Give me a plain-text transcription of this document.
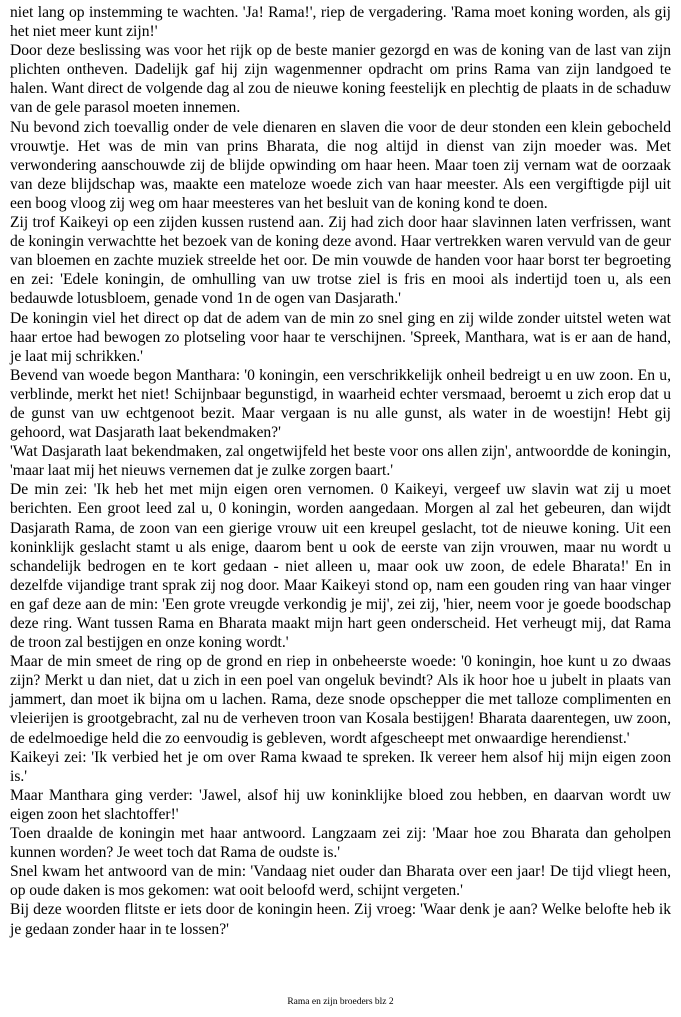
niet lang op instemming te wachten. 'Ja! Rama!', riep de vergadering. 'Rama moet koning worden, als gij het niet meer kunt zijn!'

Door deze beslissing was voor het rijk op de beste manier gezorgd en was de koning van de last van zijn plichten ontheven. Dadelijk gaf hij zijn wagenmenner opdracht om prins Rama van zijn landgoed te halen. Want direct de volgende dag al zou de nieuwe koning feestelijk en plechtig de plaats in de schaduw van de gele parasol moeten innemen.

Nu bevond zich toevallig onder de vele dienaren en slaven die voor de deur stonden een klein gebocheld vrouwtje. Het was de min van prins Bharata, die nog altijd in dienst van zijn moeder was. Met verwondering aanschouwde zij de blijde opwinding om haar heen. Maar toen zij vernam wat de oorzaak van deze blijdschap was, maakte een mateloze woede zich van haar meester. Als een vergiftigde pijl uit een boog vloog zij weg om haar meesteres van het besluit van de koning kond te doen.

Zij trof Kaikeyi op een zijden kussen rustend aan. Zij had zich door haar slavinnen laten verfrissen, want de koningin verwachtte het bezoek van de koning deze avond. Haar vertrekken waren vervuld van de geur van bloemen en zachte muziek streelde het oor. De min vouwde de handen voor haar borst ter begroeting en zei: 'Edele koningin, de omhulling van uw trotse ziel is fris en mooi als indertijd toen u, als een bedauwde lotusbloem, genade vond 1n de ogen van Dasjarath.'

De koningin viel het direct op dat de adem van de min zo snel ging en zij wilde zonder uitstel weten wat haar ertoe had bewogen zo plotseling voor haar te verschijnen. 'Spreek, Manthara, wat is er aan de hand, je laat mij schrikken.'

Bevend van woede begon Manthara: '0 koningin, een verschrikkelijk onheil bedreigt u en uw zoon. En u, verblinde, merkt het niet! Schijnbaar begunstigd, in waarheid echter versmaad, beroemt u zich erop dat u de gunst van uw echtgenoot bezit. Maar vergaan is nu alle gunst, als water in de woestijn! Hebt gij gehoord, wat Dasjarath laat bekendmaken?'

'Wat Dasjarath laat bekendmaken, zal ongetwijfeld het beste voor ons allen zijn', antwoordde de koningin, 'maar laat mij het nieuws vernemen dat je zulke zorgen baart.'

De min zei: 'Ik heb het met mijn eigen oren vernomen. 0 Kaikeyi, vergeef uw slavin wat zij u moet berichten. Een groot leed zal u, 0 koningin, worden aangedaan. Morgen al zal het gebeuren, dan wijdt Dasjarath Rama, de zoon van een gierige vrouw uit een kreupel geslacht, tot de nieuwe koning. Uit een koninklijk geslacht stamt u als enige, daarom bent u ook de eerste van zijn vrouwen, maar nu wordt u schandelijk bedrogen en te kort gedaan - niet alleen u, maar ook uw zoon, de edele Bharata!' En in dezelfde vijandige trant sprak zij nog door. Maar Kaikeyi stond op, nam een gouden ring van haar vinger en gaf deze aan de min: 'Een grote vreugde verkondig je mij', zei zij, 'hier, neem voor je goede boodschap deze ring. Want tussen Rama en Bharata maakt mijn hart geen onderscheid. Het verheugt mij, dat Rama de troon zal bestijgen en onze koning wordt.'

Maar de min smeet de ring op de grond en riep in onbeheerste woede: '0 koningin, hoe kunt u zo dwaas zijn? Merkt u dan niet, dat u zich in een poel van ongeluk bevindt? Als ik hoor hoe u jubelt in plaats van jammert, dan moet ik bijna om u lachen. Rama, deze snode opschepper die met talloze complimenten en vleierijen is grootgebracht, zal nu de verheven troon van Kosala bestijgen! Bharata daarentegen, uw zoon, de edelmoedige held die zo eenvoudig is gebleven, wordt afgescheept met onwaardige herendienst.'

Kaikeyi zei: 'Ik verbied het je om over Rama kwaad te spreken. Ik vereer hem alsof hij mijn eigen zoon is.'

Maar Manthara ging verder: 'Jawel, alsof hij uw koninklijke bloed zou hebben, en daarvan wordt uw eigen zoon het slachtoffer!'

Toen draalde de koningin met haar antwoord. Langzaam zei zij: 'Maar hoe zou Bharata dan geholpen kunnen worden? Je weet toch dat Rama de oudste is.'

Snel kwam het antwoord van de min: 'Vandaag niet ouder dan Bharata over een jaar! De tijd vliegt heen, op oude daken is mos gekomen: wat ooit beloofd werd, schijnt vergeten.'

Bij deze woorden flitste er iets door de koningin heen. Zij vroeg: 'Waar denk je aan? Welke belofte heb ik je gedaan zonder haar in te lossen?'

Rama en zijn broeders blz 2
